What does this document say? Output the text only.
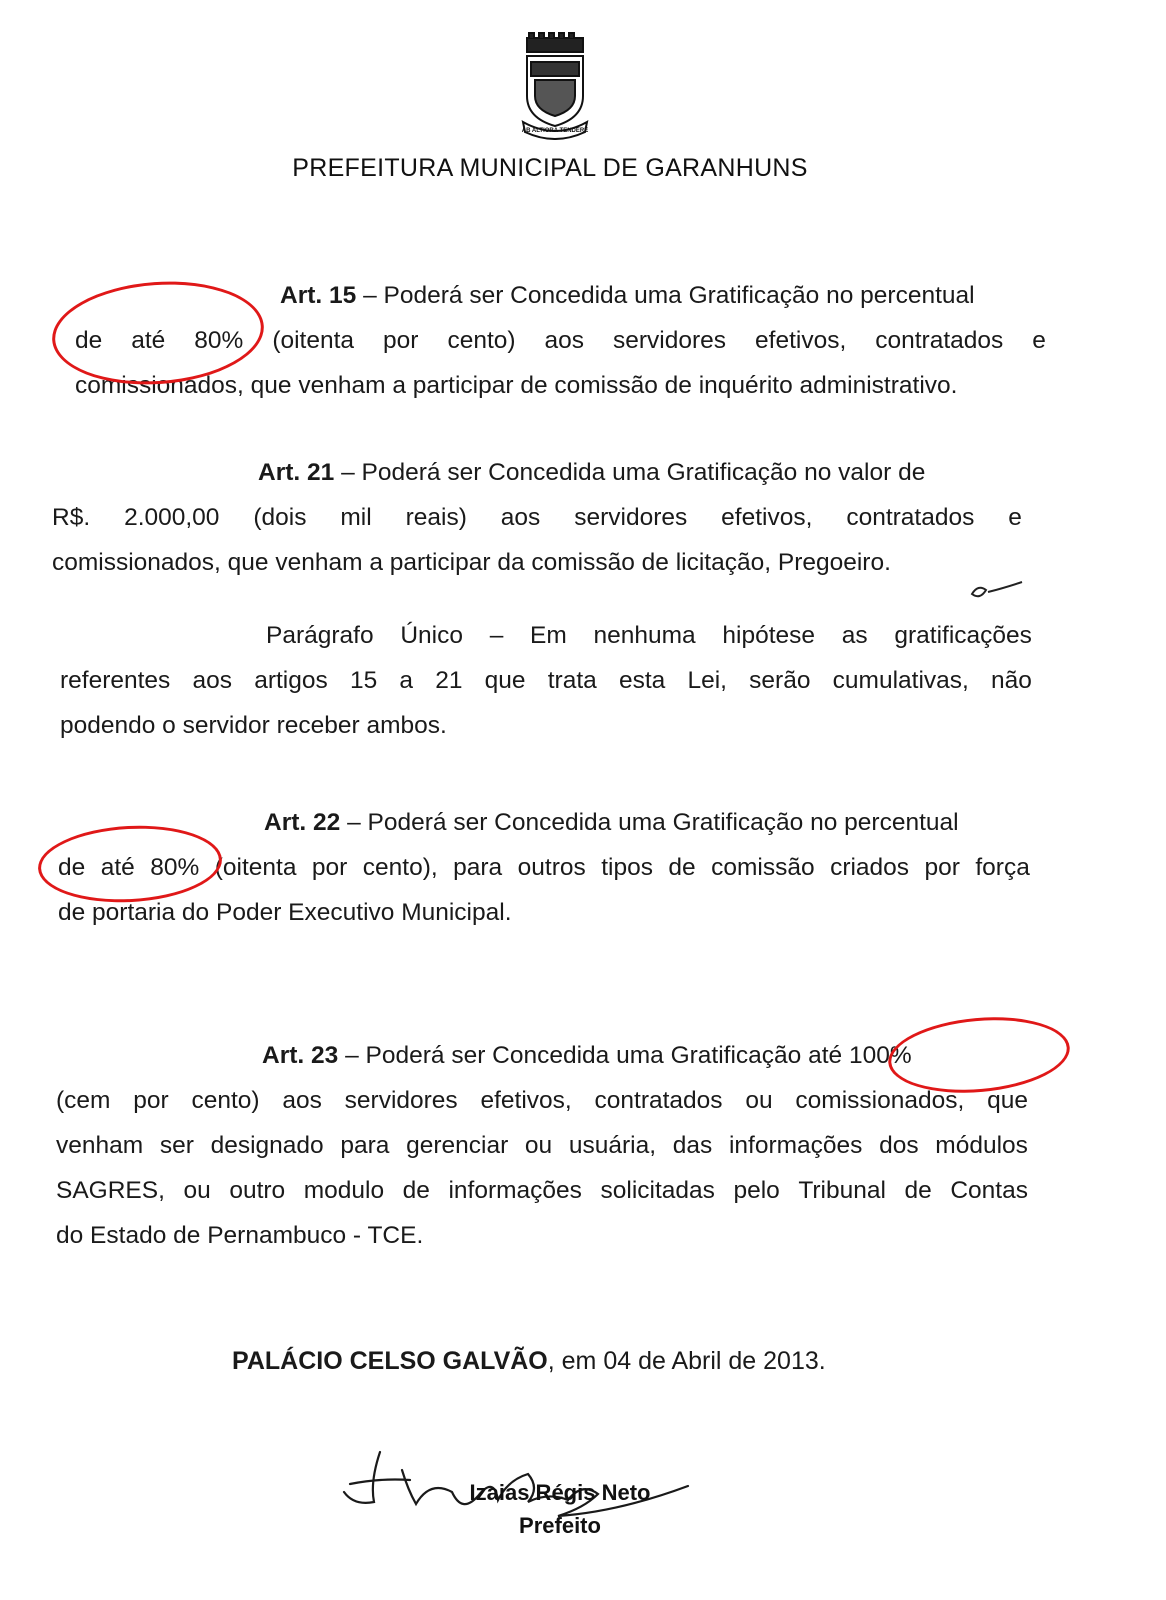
AB ALTIORA TENDERE
PREFEITURA MUNICIPAL DE GARANHUNS
Art. 15 – Poderá ser Concedida uma Gratificação no percentual
de até 80% (oitenta por cento) aos servidores efetivos, contratados e
comissionados, que venham a participar de comissão de inquérito administrativo.
Art. 21 – Poderá ser Concedida uma Gratificação no valor de
R$. 2.000,00 (dois mil reais) aos servidores efetivos, contratados e
comissionados, que venham a participar da comissão de licitação, Pregoeiro.
Parágrafo Único – Em nenhuma hipótese as gratificações
referentes aos artigos 15 a 21 que trata esta Lei, serão cumulativas, não
podendo o servidor receber ambos.
Art. 22 – Poderá ser Concedida uma Gratificação no percentual
de até 80% (oitenta por cento), para outros tipos de comissão criados por força
de portaria do Poder Executivo Municipal.
Art. 23 – Poderá ser Concedida uma Gratificação até 100%
(cem por cento) aos servidores efetivos, contratados ou comissionados, que
venham ser designado para gerenciar ou usuária, das informações dos módulos
SAGRES, ou outro modulo de informações solicitadas pelo Tribunal de Contas
do Estado de Pernambuco - TCE.
PALÁCIO CELSO GALVÃO, em 04 de Abril de 2013.
Izaias Régis Neto
Prefeito
